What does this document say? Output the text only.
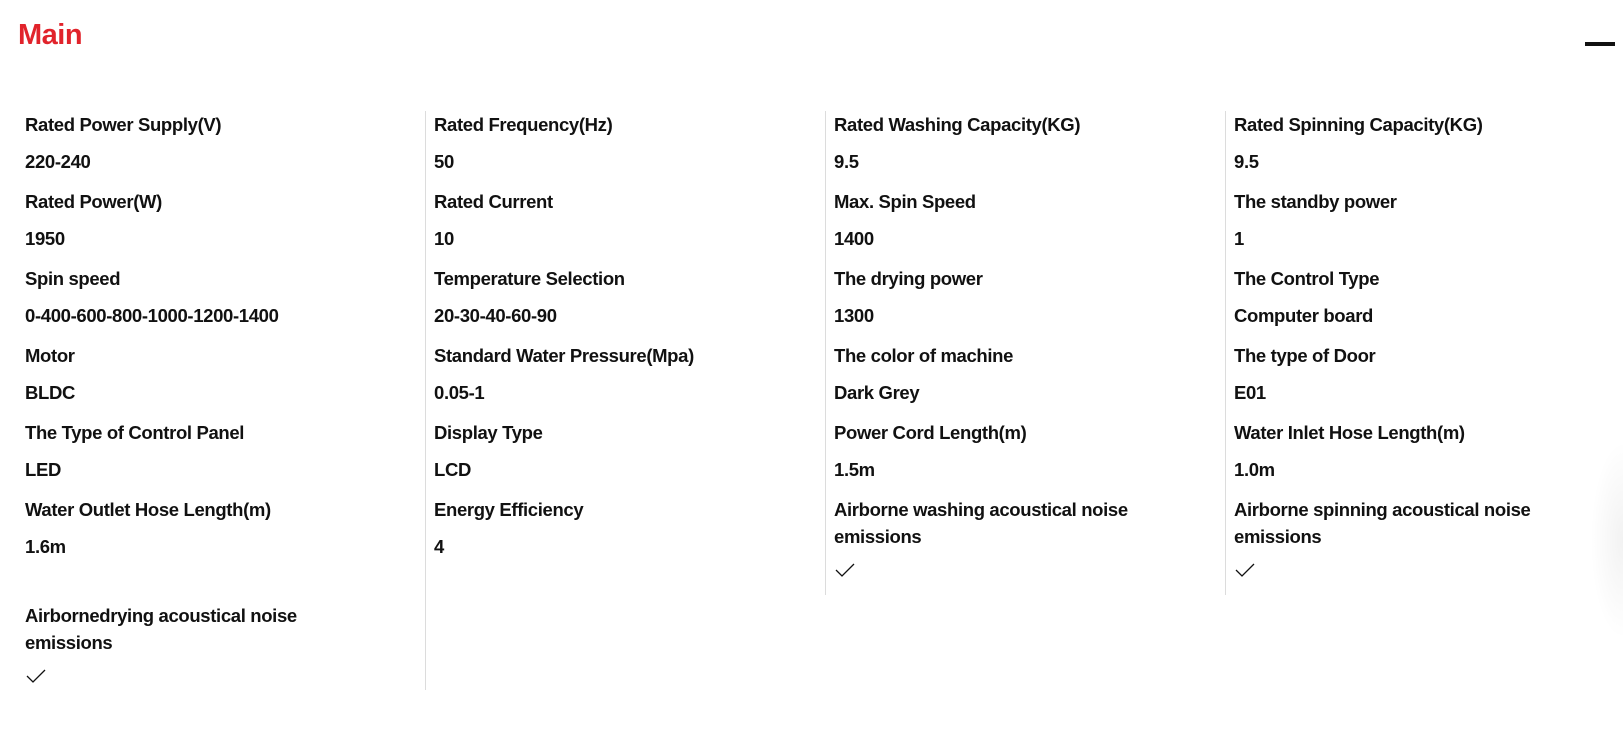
Main
Rated Power Supply(V)
220-240
Rated Power(W)
1950
Spin speed
0-400-600-800-1000-1200-1400
Motor
BLDC
The Type of Control Panel
LED
Water Outlet Hose Length(m)
1.6m
Airbornedrying acoustical noise emissions
Rated Frequency(Hz)
50
Rated Current
10
Temperature Selection
20-30-40-60-90
Standard Water Pressure(Mpa)
0.05-1
Display Type
LCD
Energy Efficiency
4
Rated Washing Capacity(KG)
9.5
Max. Spin Speed
1400
The drying power
1300
The color of machine
Dark Grey
Power Cord Length(m)
1.5m
Airborne washing acoustical noise emissions
Rated Spinning Capacity(KG)
9.5
The standby power
1
The Control Type
Computer board
The type of Door
E01
Water Inlet Hose Length(m)
1.0m
Airborne spinning acoustical noise emissions
